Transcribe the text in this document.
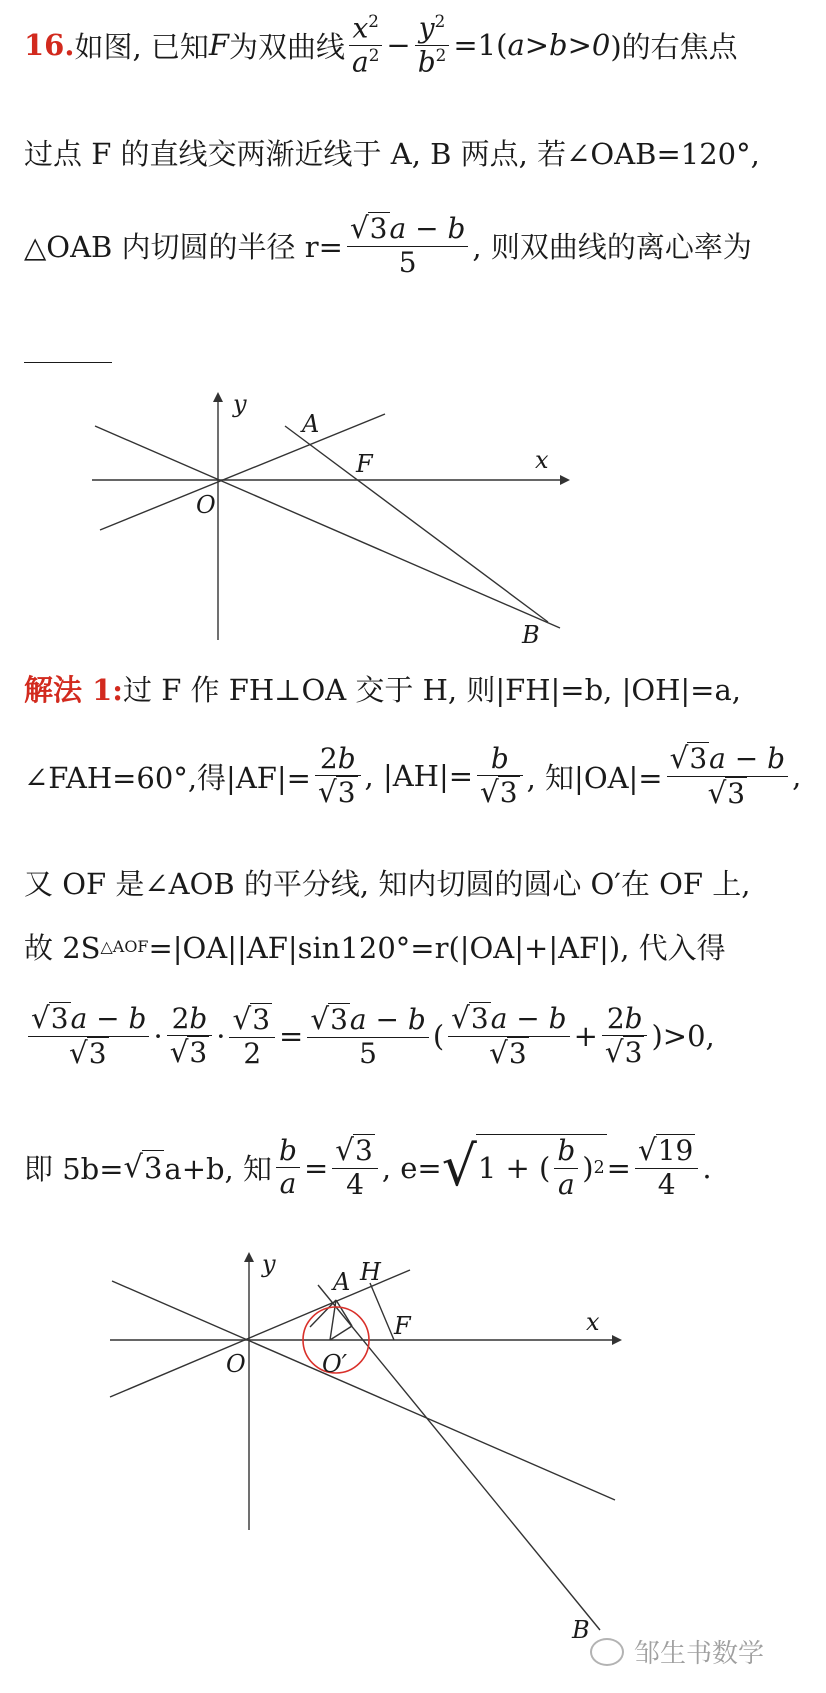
16. 如图, 已知 F 为双曲线 $\frac{x^2}{a^2} - \frac{y^2}{b^2} =1$( a>b>0 )的右焦点
过点 F 的直线交两渐近线于 A, B 两点, 若∠OAB=120°,
△OAB 内切圆的半径 $r= \frac{√ 3 a - b}{5}$ , 则双曲线的离心率为
y
A
F	x
O
B
解法 1: 过 F 作 FH⊥OA 交于 H, 则|FH|=b, |OH|=a,
∠FAH=60°,得$|AF|= \frac{2b}{√ 3}$ , $|AH|= \frac{b}{√ 3}$ , 知$|OA|= \frac{√ 3 a - b}{√ 3}$ ,
又 OF 是∠AOB 的平分线, 知内切圆的圆心 O′在 OF 上,
故 2S △AOF =|OA||AF|sin120°=r(|OA|+|AF|), 代入得
$\frac{√ 3 a - b}{√ 3} \cdot \frac{2b}{√ 3} \cdot \frac{√ 3}{2} = \frac{√ 3 a - b}{5}$ ( $\frac{√ 3 a - b}{√ 3} + \frac{2b}{√ 3} )>0$,
即 5b= √ 3 a+b, 知 $\frac{b}{a} = \frac{√ 3}{4}$ , e= √ 1 + ( $\frac{b}{a}$ ) $2 = \frac{√ 19}{4}$ .
y
A H
F	x
O	O′
B
邹生书数学
